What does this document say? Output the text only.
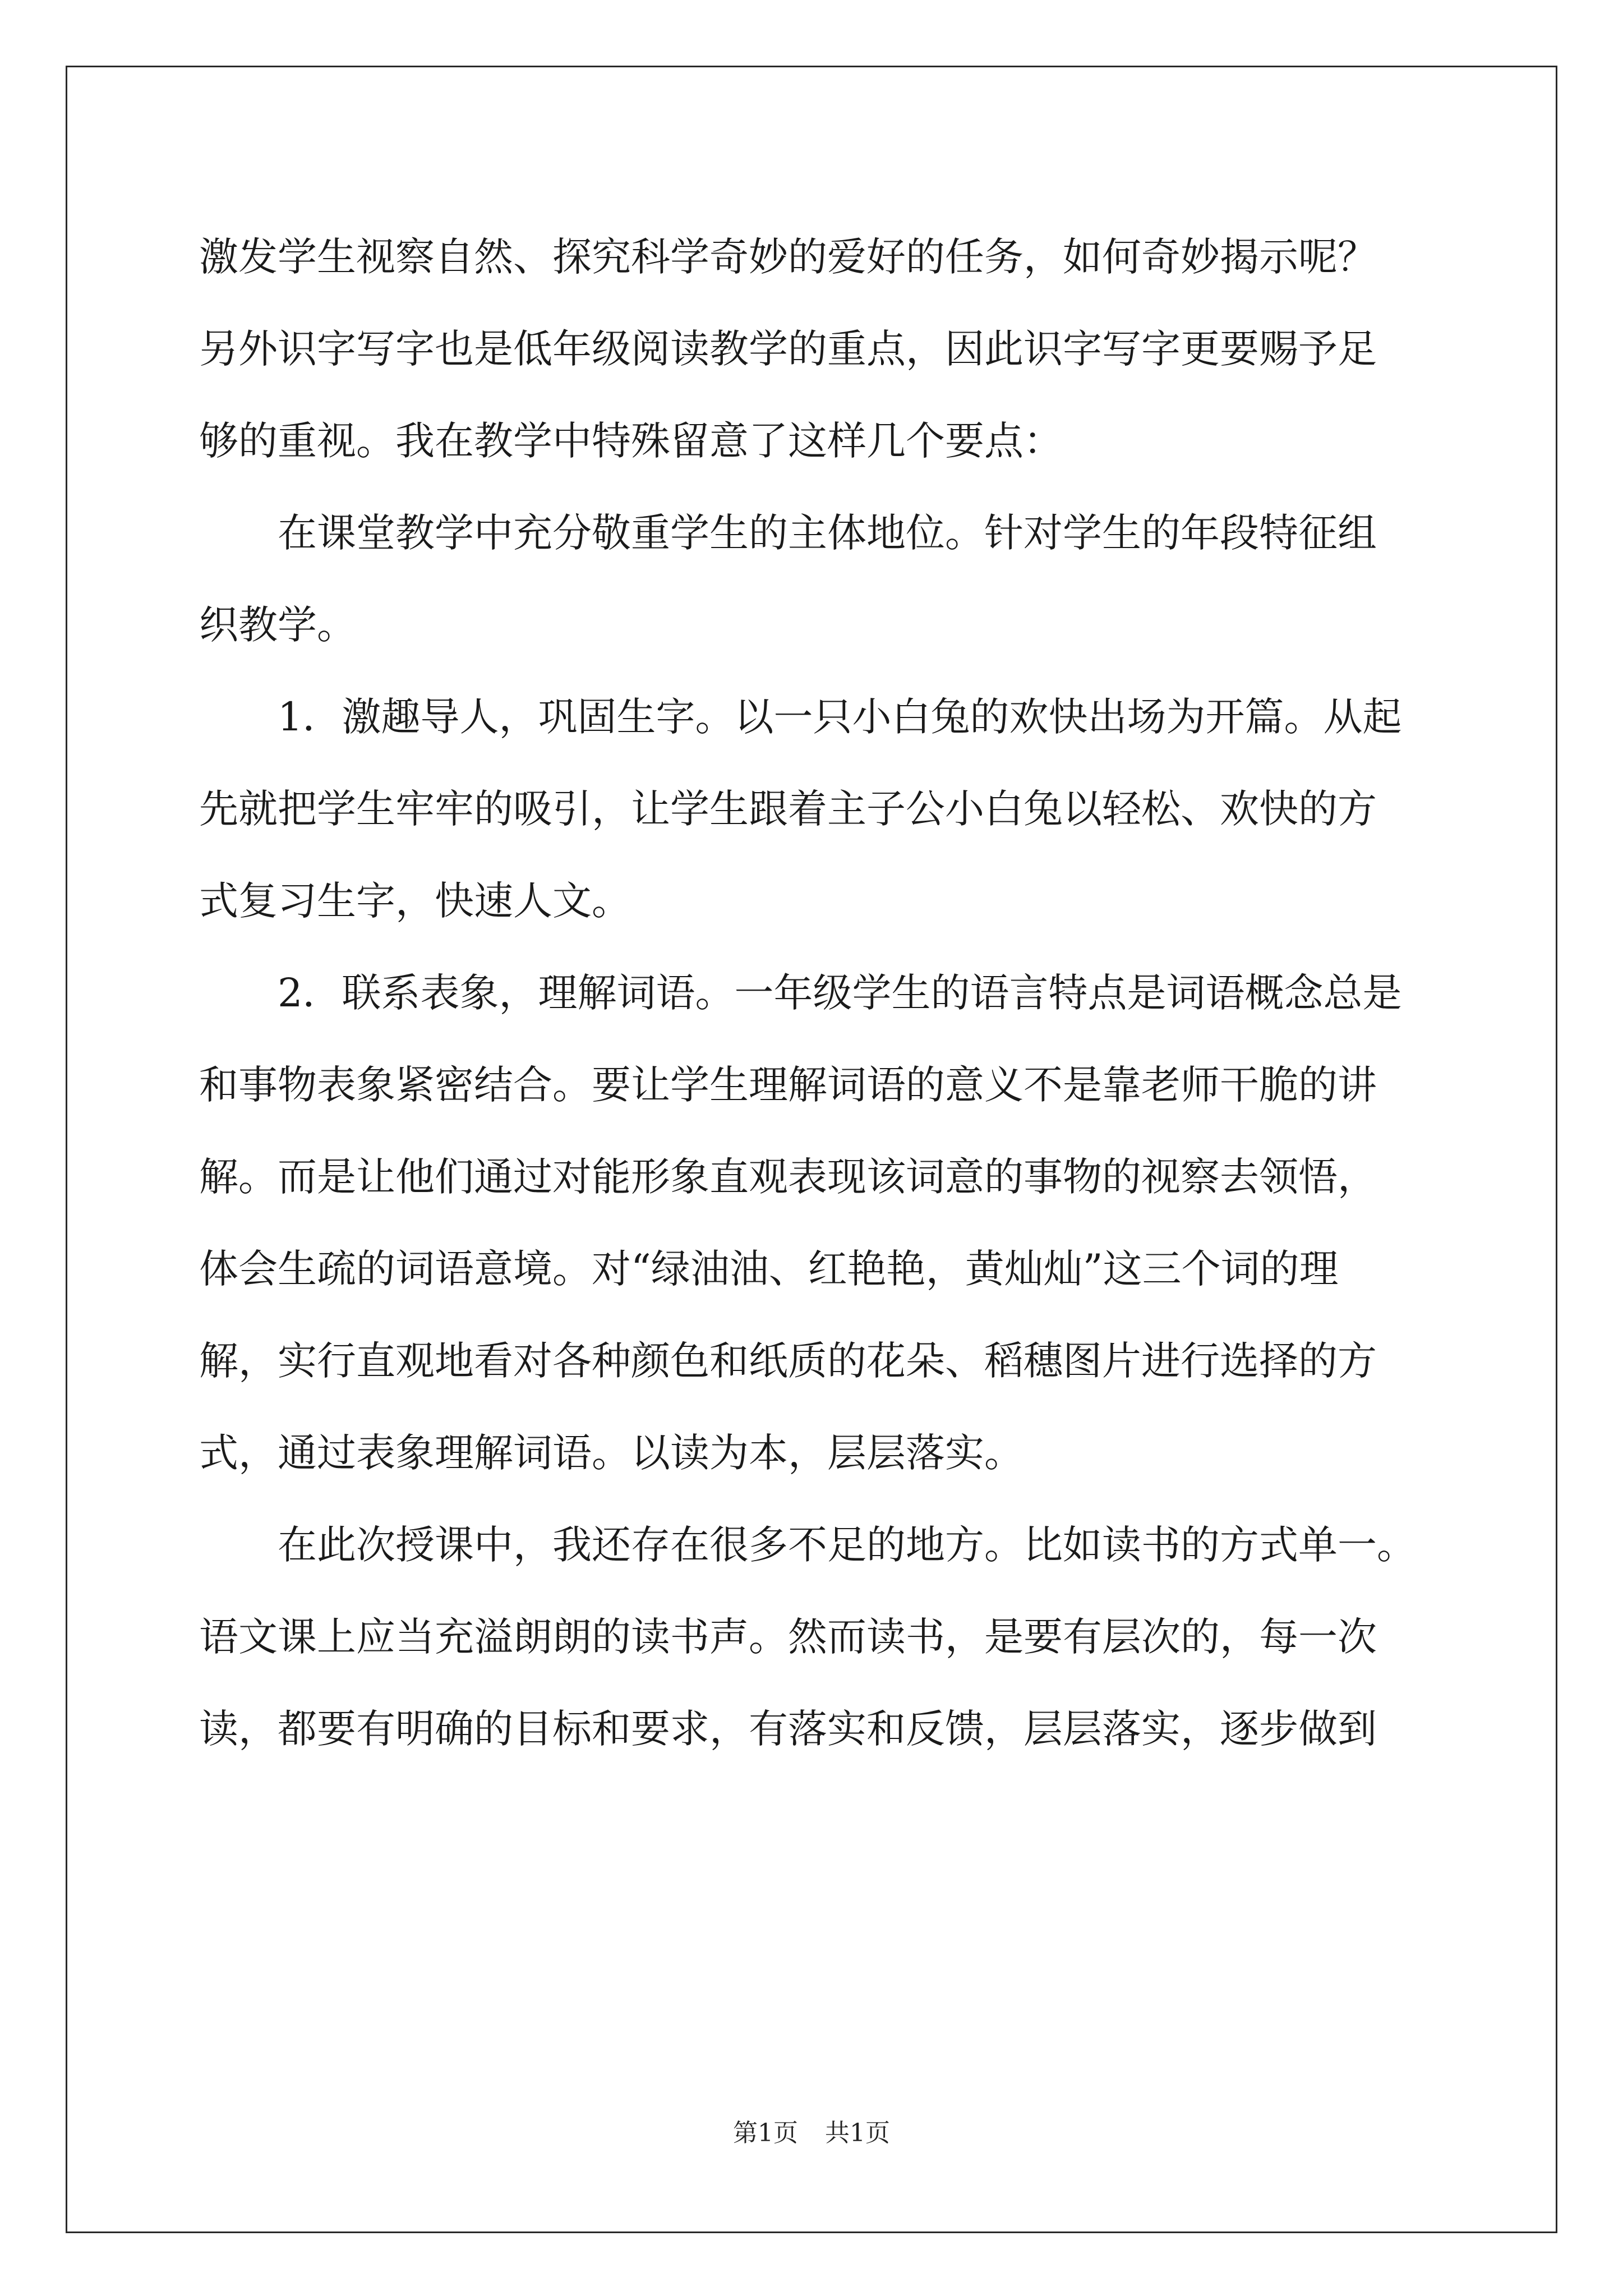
激发学生视察自然、探究科学奇妙的爱好的任务，如何奇妙揭示呢？
另外识字写字也是低年级阅读教学的重点，因此识字写字更要赐予足
够的重视。我在教学中特殊留意了这样几个要点：
　　在课堂教学中充分敬重学生的主体地位。针对学生的年段特征组
织教学。
　　1．激趣导人，巩固生字。以一只小白兔的欢快出场为开篇。从起
先就把学生牢牢的吸引，让学生跟着主子公小白兔以轻松、欢快的方
式复习生字，快速人文。
　　2．联系表象，理解词语。一年级学生的语言特点是词语概念总是
和事物表象紧密结合。要让学生理解词语的意义不是靠老师干脆的讲
解。而是让他们通过对能形象直观表现该词意的事物的视察去领悟，
体会生疏的词语意境。对“绿油油、红艳艳，黄灿灿”这三个词的理
解，实行直观地看对各种颜色和纸质的花朵、稻穗图片进行选择的方
式，通过表象理解词语。以读为本，层层落实。
　　在此次授课中，我还存在很多不足的地方。比如读书的方式单一。
语文课上应当充溢朗朗的读书声。然而读书，是要有层次的，每一次
读，都要有明确的目标和要求，有落实和反馈，层层落实，逐步做到
第1页 共1页
